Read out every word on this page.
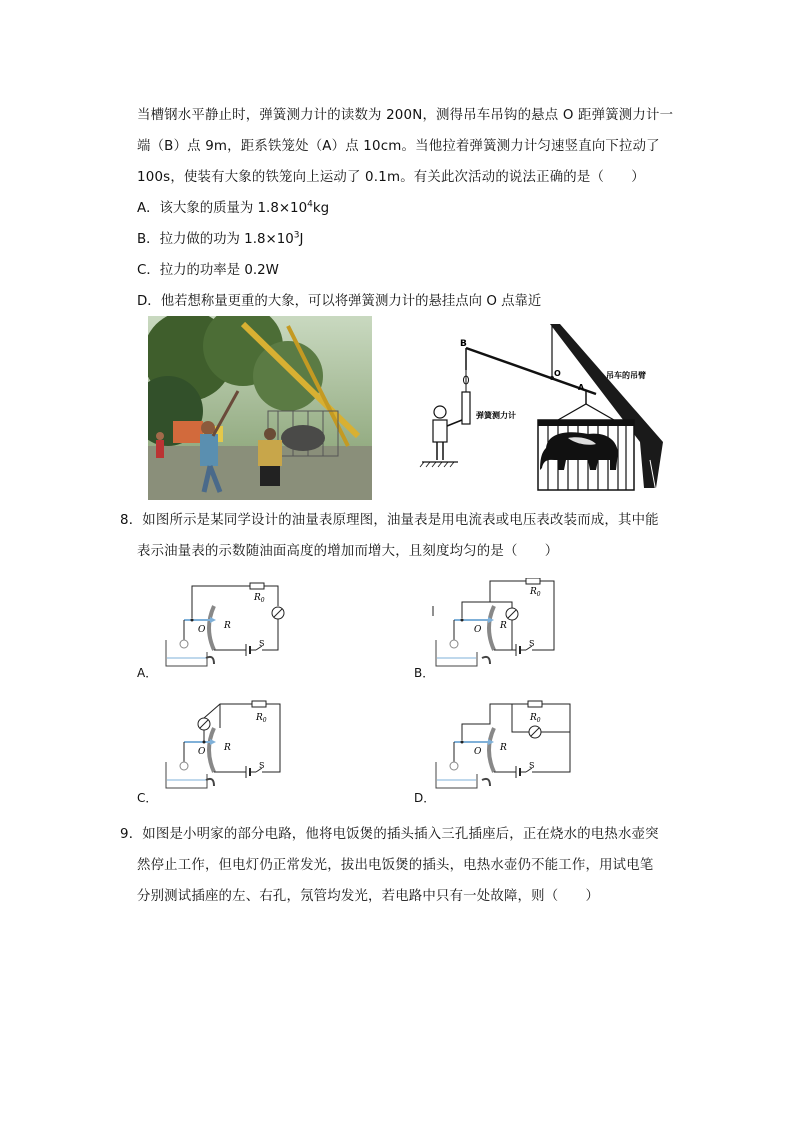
当槽钢水平静止时，弹簧测力计的读数为 200N，测得吊车吊钩的悬点 O 距弹簧测力计一
端（B）点 9m，距系铁笼处（A）点 10cm。当他拉着弹簧测力计匀速竖直向下拉动了
100s，使装有大象的铁笼向上运动了 0.1m。有关此次活动的说法正确的是（　　）
A．该大象的质量为 $1.8\times 10^4kg$
B．拉力做的功为 $1.8\times 10^3J$
C．拉力的功率是 0.2W
D．他若想称量更重的大象，可以将弹簧测力计的悬挂点向 O 点靠近
B
O
A
吊车的吊臂
弹簧测力计
8．如图所示是某同学设计的油量表原理图，油量表是用电流表或电压表改装而成，其中能
表示油量表的示数随油面高度的增加而增大，且刻度均匀的是（　　）
$R_0$
O R
S
A．
$R_0$
O R
S
B．
$R_0$
O R
S
C．
$R_0$
O R
S
D．
9．如图是小明家的部分电路，他将电饭煲的插头插入三孔插座后，正在烧水的电热水壶突
然停止工作，但电灯仍正常发光，拔出电饭煲的插头，电热水壶仍不能工作，用试电笔
分别测试插座的左、右孔，氖管均发光，若电路中只有一处故障，则（　　）
